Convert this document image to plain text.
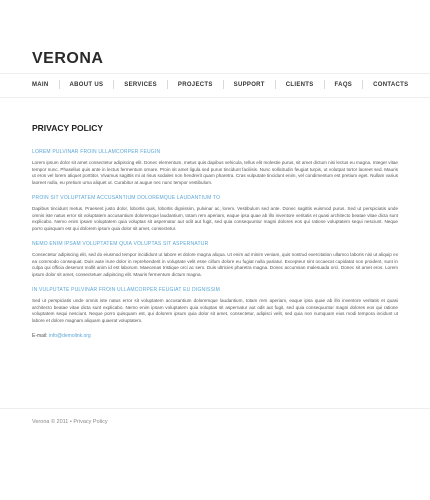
VERONA
MAIN	ABOUT US	SERVICES	PROJECTS	SUPPORT	CLIENTS	FAQS	CONTACTS
PRIVACY POLICY
LOREM PULVINAR FROIN ULLAMCORPER FEUGIN

Lorem ipsum dolor sit amet consectetur adipiscing elit. Donec elementum, metus quis dapibus vehicula, tellus elit molestie purus, sit amet dictum nisi lectus eu magna. Integer vitae tempor nunc. Phasellus quis ante in lectus fermentum ornare. Proin sit amet ligula sed purus tincidunt facilisis. Nunc sollicitudin feugiat turpis, ut volutpat tortor laoreet sed. Mauris ut eros vel lorem aliquet porttitor. Vivamus sagittis mi at risus sodales non hendrerit quam pharetra. Cras vulputate tincidunt enim, vel condimentum est pretium eget. Nullam varius laoreet nulla, eu pretium urna aliquet ut. Curabitur at augue nec nunc tempor vestibulum.

PROIN SIT VOLUPTATEM ACCUSANTIUM DOLOREMQUE LAUDANTIUM TO

Dapibus tincidunt metus. Praesent justo dolor, lobortis quis, lobortis dignissim, pulvinar ac, lorem. Vestibulum sed ante. Donec sagittis euismod purus. Sed ut perspiciatis unde omnis iste natus error sit voluptatem accusantium doloremque laudantium, totam rem aperiam, eaque ipsa quae ab illo inventore veritatis et quasi architecto beatae vitae dicta sunt explicabo. Nemo enim ipsam voluptatem quia voluptas sit aspernatur aut odit aut fugit, sed quia consequuntur magni dolores eos qui ratione voluptatem sequi nesciunt. Neque porro quisquam est qui dolorem ipsum quia dolor sit amet, consectetur.

NEMO ENIM IPSAM VOLUPTATEM QUIA VOLUPTAS SIT ASPERNATUR

Consectetur adipiscing elit, sed do eiusmod tempor incididunt ut labore et dolore magna aliqua. Ut enim ad minim veniam, quis nostrud exercitation ullamco laboris nisi ut aliquip ex ea commodo consequat. Duis aute irure dolor in reprehenderit in voluptate velit esse cillum dolore eu fugiat nulla pariatur. Excepteur sint occaecat cupidatat non proident, sunt in culpa qui officia deserunt mollit anim id est laborum. Maecenas tristique orci ac sem. Duis ultricies pharetra magna. Donec accumsan malesuada orci. Donec sit amet eros. Lorem ipsum dolor sit amet, consectetuer adipiscing elit. Mauris fermentum dictum magna.

IN VULPUTATE PULVINAR FROIN ULLAMCORPER FEUGIAT EU DIGNISSIM

Sed ut perspiciatis unde omnis iste natus error sit voluptatem accusantium doloremque laudantium, totam rem aperiam, eaque ipsa quae ab illo inventore veritatis et quasi architecto beatae vitae dicta sunt explicabo. Nemo enim ipsam voluptatem quia voluptas sit aspernatur aut odit aut fugit, sed quia consequuntur magni dolores eos qui ratione voluptatem sequi nesciunt. Neque porro quisquam est, qui dolorem ipsum quia dolor sit amet, consectetur, adipisci velit, sed quia non numquam eius modi tempora incidunt ut labore et dolore magnam aliquam quaerat voluptatem.

E-mail: info@demolink.org
Verona © 2011 • Privacy Policy
